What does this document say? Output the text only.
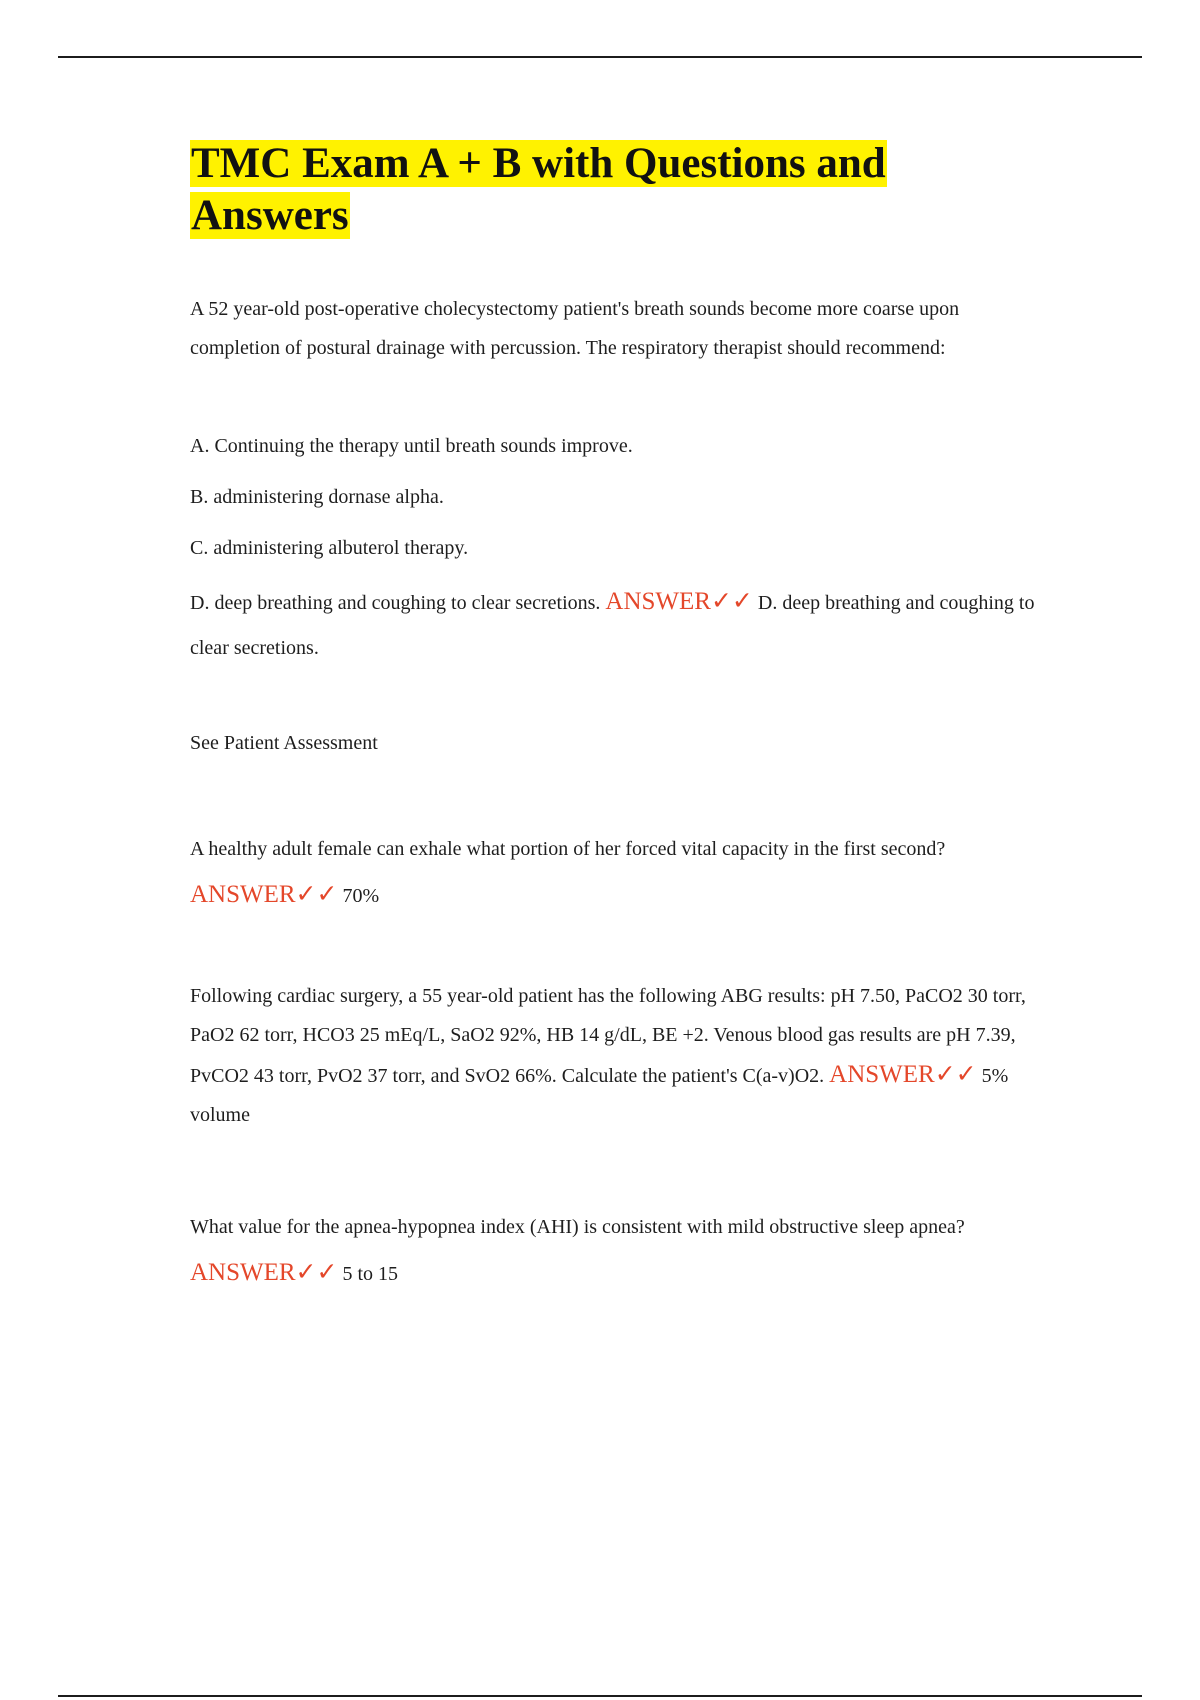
TMC Exam A + B with Questions and Answers

A 52 year-old post-operative cholecystectomy patient's breath sounds become more coarse upon completion of postural drainage with percussion. The respiratory therapist should recommend:

A. Continuing the therapy until breath sounds improve.

B. administering dornase alpha.

C. administering albuterol therapy.

D. deep breathing and coughing to clear secretions. ANSWER✓✓ D. deep breathing and coughing to clear secretions.

See Patient Assessment

A healthy adult female can exhale what portion of her forced vital capacity in the first second? ANSWER✓✓ 70%

Following cardiac surgery, a 55 year-old patient has the following ABG results: pH 7.50, PaCO2 30 torr, PaO2 62 torr, HCO3 25 mEq/L, SaO2 92%, HB 14 g/dL, BE +2. Venous blood gas results are pH 7.39, PvCO2 43 torr, PvO2 37 torr, and SvO2 66%. Calculate the patient's C(a-v)O2. ANSWER✓✓ 5% volume

What value for the apnea-hypopnea index (AHI) is consistent with mild obstructive sleep apnea? ANSWER✓✓ 5 to 15
